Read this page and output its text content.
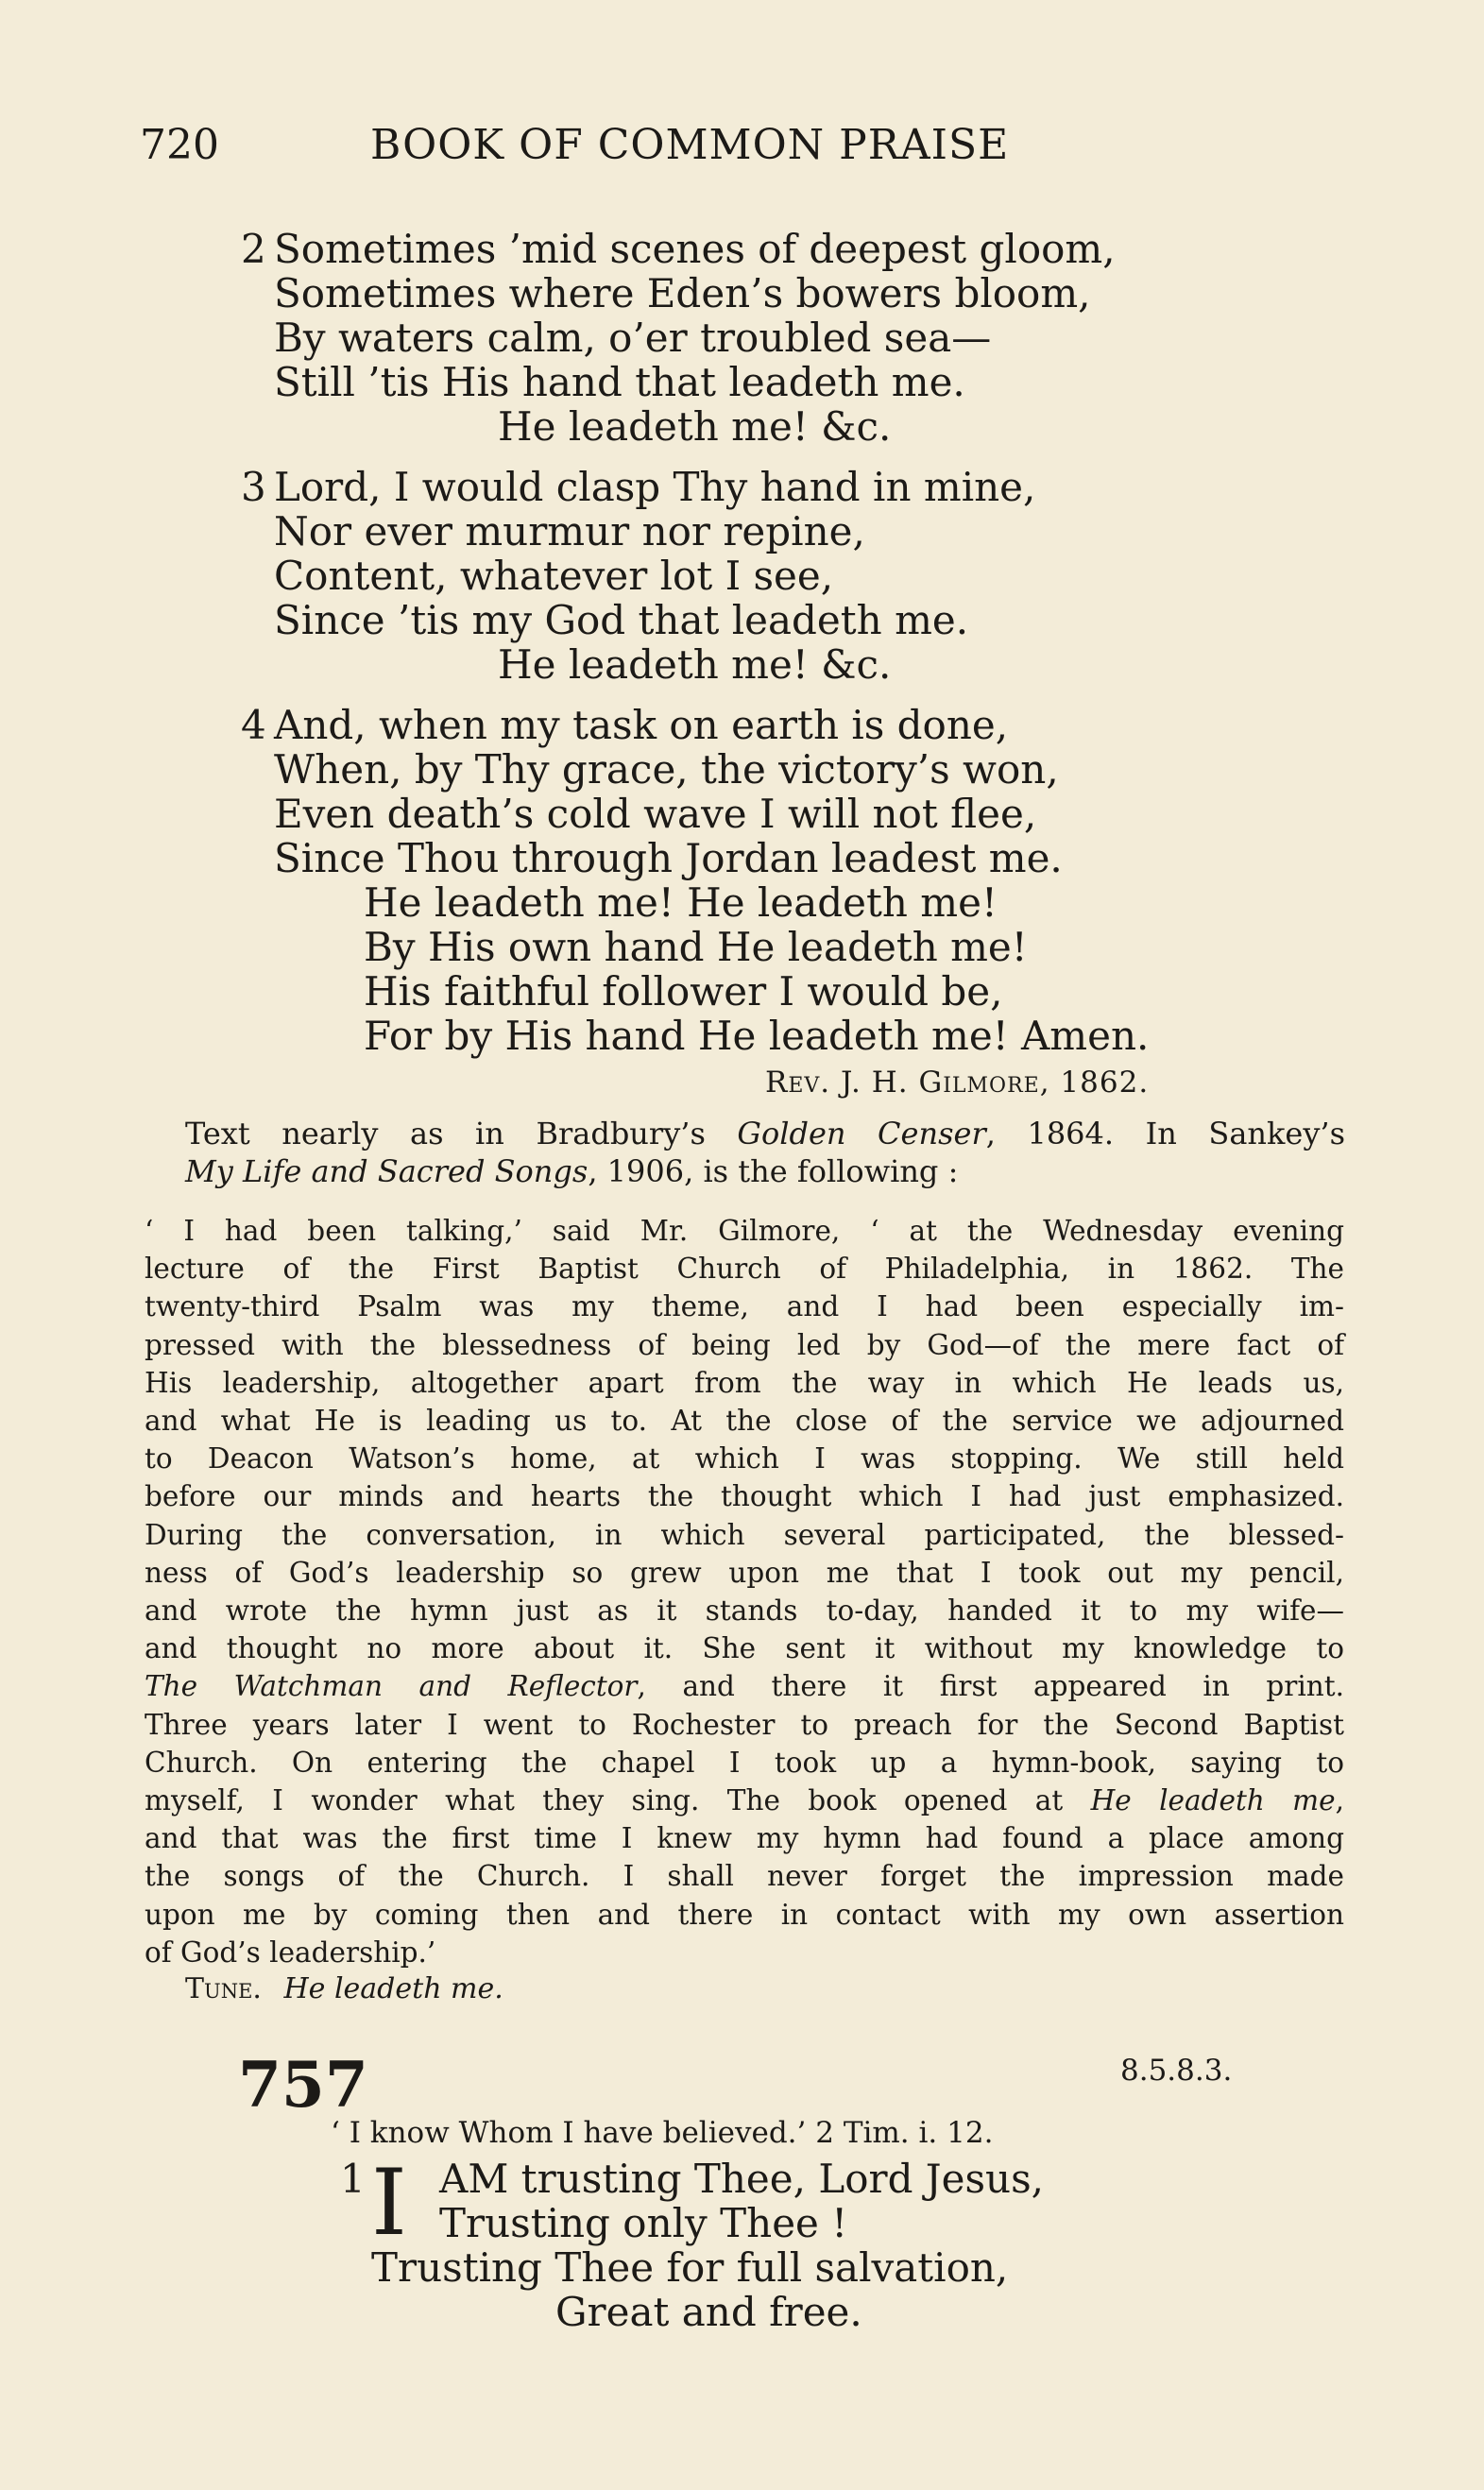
720	BOOK OF COMMON PRAISE
2 Sometimes ’mid scenes of deepest gloom,
Sometimes where Eden’s bowers bloom,
By waters calm, o’er troubled sea—
Still ’tis His hand that leadeth me.
He leadeth me! &c.
3 Lord, I would clasp Thy hand in mine,
Nor ever murmur nor repine,
Content, whatever lot I see,
Since ’tis my God that leadeth me.
He leadeth me! &c.
4 And, when my task on earth is done,
When, by Thy grace, the victory’s won,
Even death’s cold wave I will not flee,
Since Thou through Jordan leadest me.
He leadeth me! He leadeth me!
By His own hand He leadeth me!
His faithful follower I would be,
For by His hand He leadeth me! Amen.
Rev. J. H. Gilmore, 1862.
Text nearly as in Bradbury’s Golden Censer, 1864. In Sankey’s
My Life and Sacred Songs, 1906, is the following :
‘ I had been talking,’ said Mr. Gilmore, ‘ at the Wednesday evening
lecture of the First Baptist Church of Philadelphia, in 1862. The
twenty-third Psalm was my theme, and I had been especially im-
pressed with the blessedness of being led by God—of the mere fact of
His leadership, altogether apart from the way in which He leads us,
and what He is leading us to. At the close of the service we adjourned
to Deacon Watson’s home, at which I was stopping. We still held
before our minds and hearts the thought which I had just emphasized.
During the conversation, in which several participated, the blessed-
ness of God’s leadership so grew upon me that I took out my pencil,
and wrote the hymn just as it stands to-day, handed it to my wife—
and thought no more about it. She sent it without my knowledge to
The Watchman and Reflector, and there it first appeared in print.
Three years later I went to Rochester to preach for the Second Baptist
Church. On entering the chapel I took up a hymn-book, saying to
myself, I wonder what they sing. The book opened at He leadeth me,
and that was the first time I knew my hymn had found a place among
the songs of the Church. I shall never forget the impression made
upon me by coming then and there in contact with my own assertion
of God’s leadership.’
Tune. He leadeth me.
757	8.5.8.3.
‘ I know Whom I have believed.’ 2 Tim. i. 12.
1 I AM trusting Thee, Lord Jesus,
Trusting only Thee !
Trusting Thee for full salvation,
Great and free.
